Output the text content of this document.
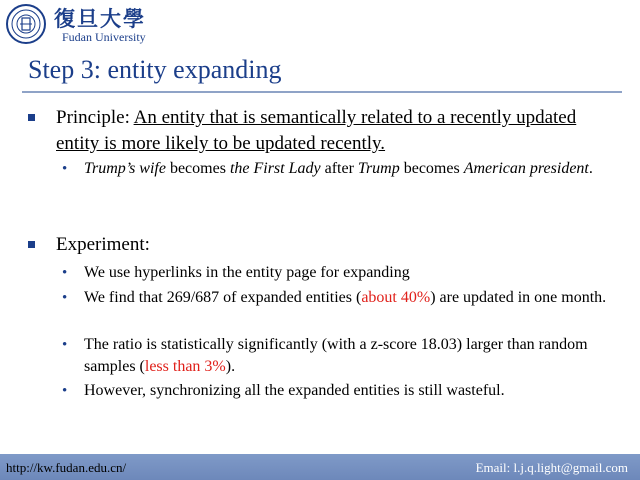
復旦大學
Fudan University
Step 3: entity expanding
Principle: An entity that is semantically related to a recently updated entity is more likely to be updated recently.
• Trump’s wife becomes the First Lady after Trump becomes American president.
Experiment:
• We use hyperlinks in the entity page for expanding
• We find that 269/687 of expanded entities (about 40%) are updated in one month.
• The ratio is statistically significantly (with a z-score 18.03) larger than random samples (less than 3%).
• However, synchronizing all the expanded entities is still wasteful.
http://kw.fudan.edu.cn/	Email: l.j.q.light@gmail.com
